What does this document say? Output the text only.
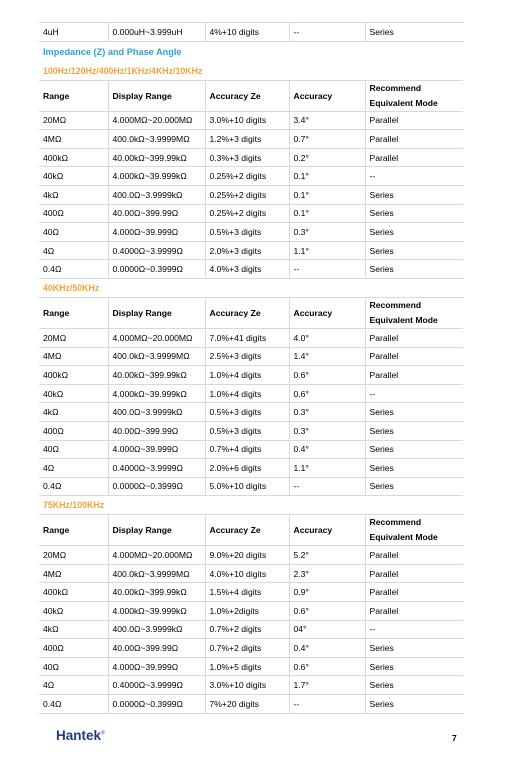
4uH	0.000uH~3.999uH	4%+10 digits	--	Series
Impedance (Z) and Phase Angle
100Hz/120Hz/400Hz/1KHz/4KHz/10KHz
Range	Display Range	Accuracy Ze	Accuracy	Recommend
Equivalent Mode

20MΩ	4.000MΩ~20.000MΩ	3.0%+10 digits	3.4°	Parallel
4MΩ	400.0kΩ~3.9999MΩ	1.2%+3 digits	0.7°	Parallel
400kΩ	40.00kΩ~399.99kΩ	0.3%+3 digits	0.2°	Parallel
40kΩ	4.000kΩ~39.999kΩ	0.25%+2 digits	0.1°	--
4kΩ	400.0Ω~3.9999kΩ	0.25%+2 digits	0.1°	Series
400Ω	40.00Ω~399.99Ω	0.25%+2 digits	0.1°	Series
40Ω	4.000Ω~39.999Ω	0.5%+3 digits	0.3°	Series
4Ω	0.4000Ω~3.9999Ω	2.0%+3 digits	1.1°	Series
0.4Ω	0.0000Ω~0.3999Ω	4.0%+3 digits	--	Series
40KHz/50KHz
Range	Display Range	Accuracy Ze	Accuracy	Recommend
Equivalent Mode

20MΩ	4.000MΩ~20.000MΩ	7.0%+41 digits	4.0°	Parallel
4MΩ	400.0kΩ~3.9999MΩ	2.5%+3 digits	1.4°	Parallel
400kΩ	40.00kΩ~399.99kΩ	1.0%+4 digits	0.6°	Parallel
40kΩ	4.000kΩ~39.999kΩ	1.0%+4 digits	0.6°	--
4kΩ	400.0Ω~3.9999kΩ	0.5%+3 digits	0.3°	Series
400Ω	40.00Ω~399.99Ω	0.5%+3 digits	0.3°	Series
40Ω	4.000Ω~39.999Ω	0.7%+4 digits	0.4°	Series
4Ω	0.4000Ω~3.9999Ω	2.0%+6 digits	1.1°	Series
0.4Ω	0.0000Ω~0.3999Ω	5.0%+10 digits	--	Series
75KHz/100KHz
Range	Display Range	Accuracy Ze	Accuracy	Recommend
Equivalent Mode

20MΩ	4.000MΩ~20.000MΩ	9.0%+20 digits	5.2°	Parallel
4MΩ	400.0kΩ~3.9999MΩ	4.0%+10 digits	2.3°	Parallel
400kΩ	40.00kΩ~399.99kΩ	1.5%+4 digits	0.9°	Parallel
40kΩ	4.000kΩ~39.999kΩ	1.0%+2digits	0.6°	Parallel
4kΩ	400.0Ω~3.9999kΩ	0.7%+2 digits	04°	--
400Ω	40.00Ω~399.99Ω	0.7%+2 digits	0.4°	Series
40Ω	4.000Ω~39.999Ω	1.0%+5 digits	0.6°	Series
4Ω	0.4000Ω~3.9999Ω	3.0%+10 digits	1.7°	Series
0.4Ω	0.0000Ω~0.3999Ω	7%+20 digits	--	Series
Hantek®	7
